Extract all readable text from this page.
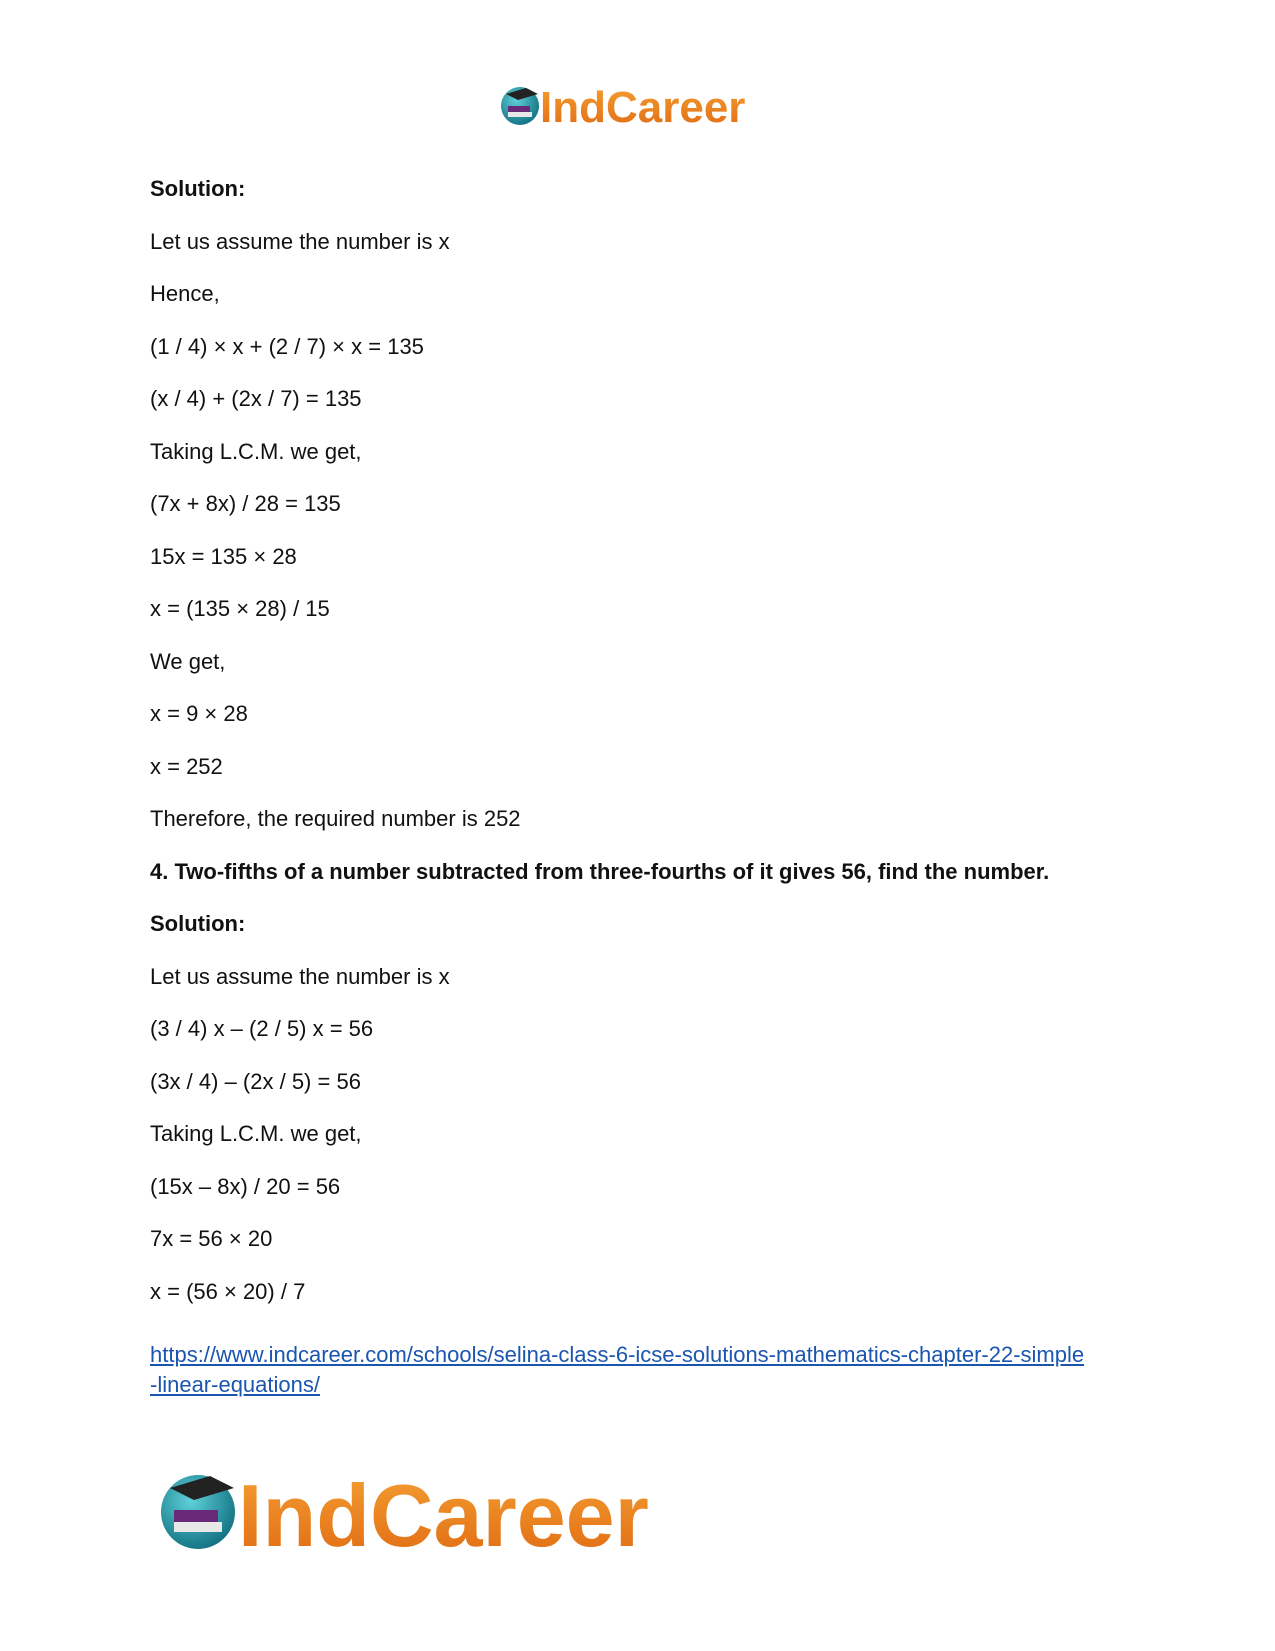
IndCareer
Solution:
Let us assume the number is x
Hence,
(1 / 4) × x + (2 / 7) × x = 135
(x / 4) + (2x / 7) = 135
Taking L.C.M. we get,
(7x + 8x) / 28 = 135
15x = 135 × 28
x = (135 × 28) / 15
We get,
x = 9 × 28
x = 252
Therefore, the required number is 252
4. Two-fifths of a number subtracted from three-fourths of it gives 56, find the number.
Solution:
Let us assume the number is x
(3 / 4) x – (2 / 5) x = 56
(3x / 4) – (2x / 5) = 56
Taking L.C.M. we get,
(15x – 8x) / 20 = 56
7x = 56 × 20
x = (56 × 20) / 7
https://www.indcareer.com/schools/selina-class-6-icse-solutions-mathematics-chapter-22-simple
-linear-equations/
IndCareer
